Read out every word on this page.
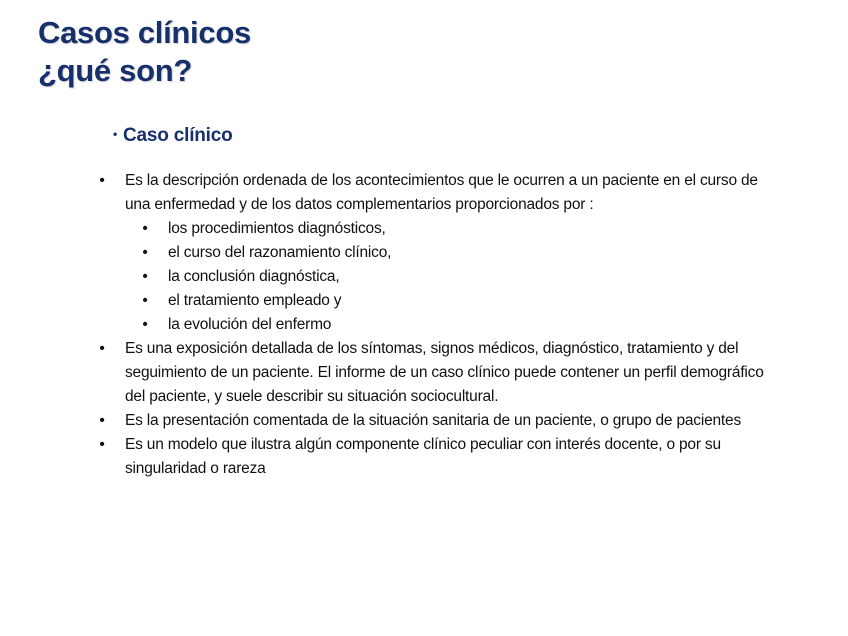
Casos clínicos
¿qué son?
• Caso clínico
• Es la descripción ordenada de los acontecimientos que le ocurren a un paciente en el curso de una enfermedad y de los datos complementarios proporcionados por :
• los procedimientos diagnósticos,
• el curso del razonamiento clínico,
• la conclusión diagnóstica,
• el tratamiento empleado y
• la evolución del enfermo
• Es una exposición detallada de los síntomas, signos médicos, diagnóstico, tratamiento y del seguimiento de un paciente. El informe de un caso clínico puede contener un perfil demográfico del paciente, y suele describir su situación sociocultural.
• Es la presentación comentada de la situación sanitaria de un paciente, o grupo de pacientes
• Es un modelo que ilustra algún componente clínico peculiar con interés docente, o por su singularidad o rareza
